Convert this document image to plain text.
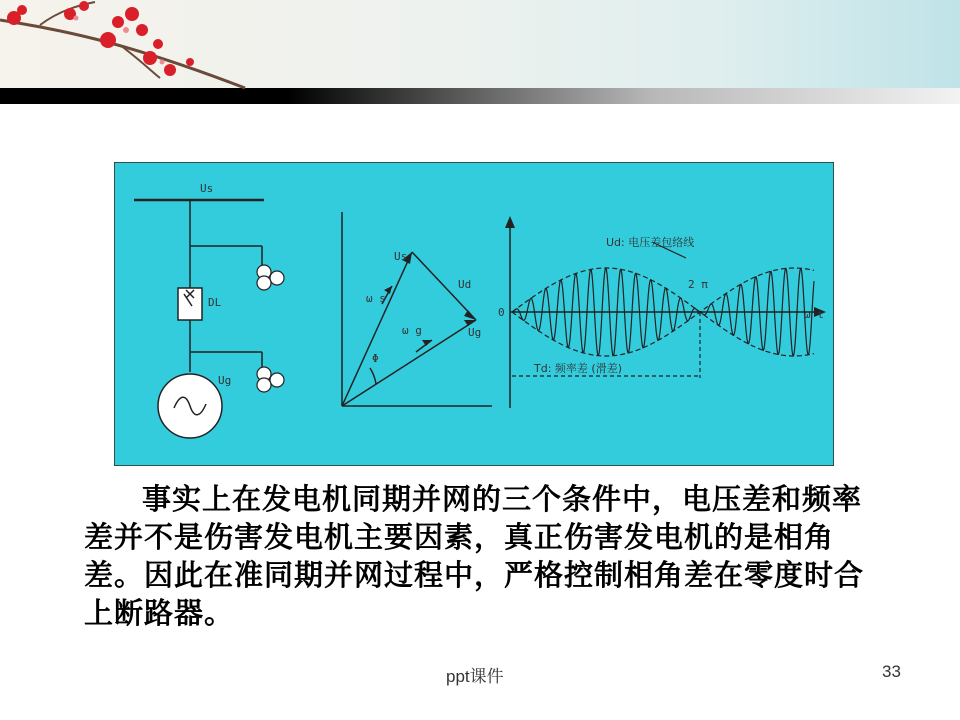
Us
DL
Ug
Us
Ud
Ug
ω s
ω g
Φ
Ud: 电压差包络线
2 π
0	ω t
Td: 频率差 (滑差)

事实上在发电机同期并网的三个条件中，电压差和频率差并不是伤害发电机主要因素，真正伤害发电机的是相角差。因此在准同期并网过程中，严格控制相角差在零度时合上断路器。

ppt课件	33
